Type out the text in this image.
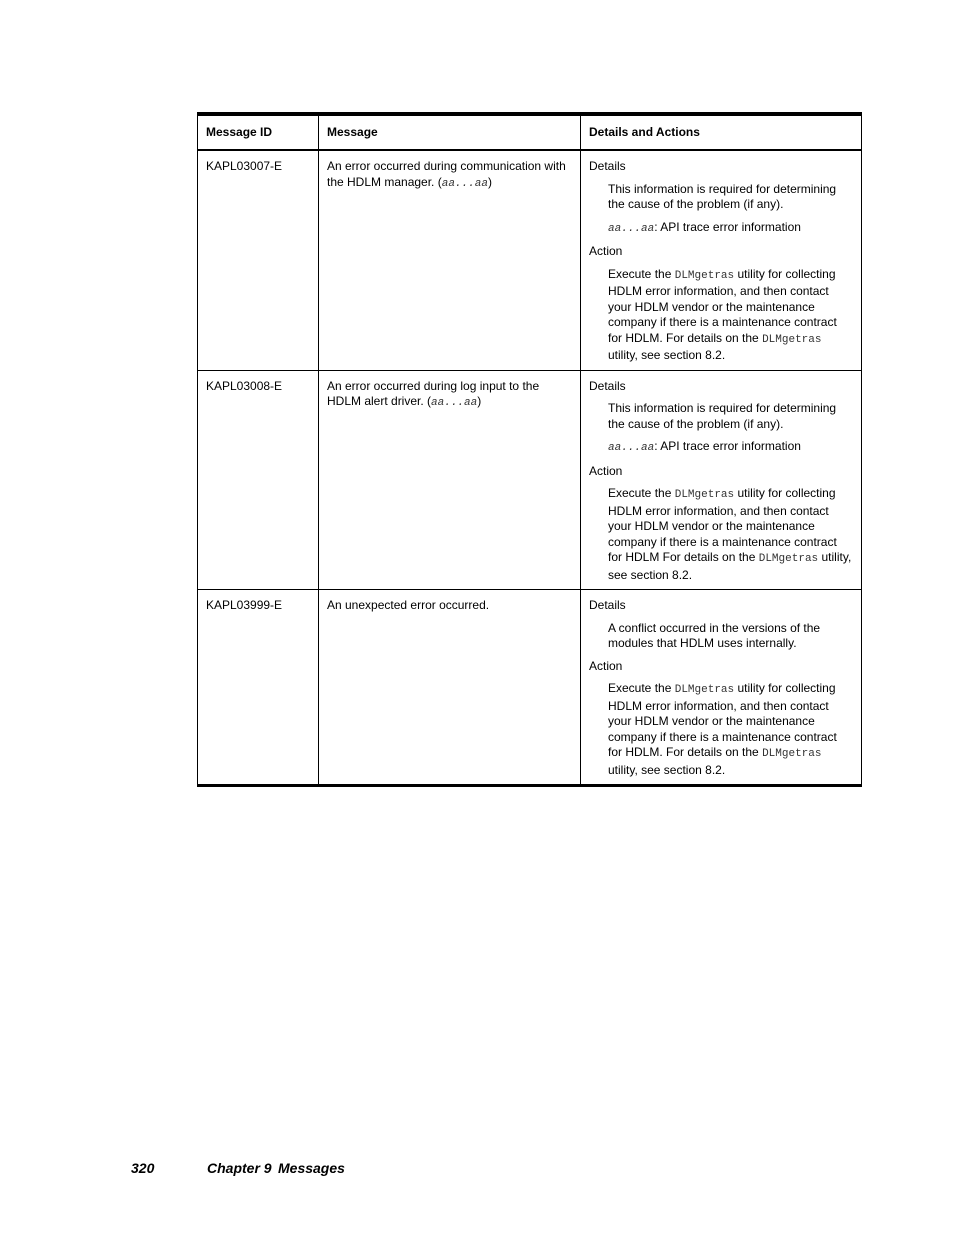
Message ID	Message	Details and Actions
KAPL03007-E	An error occurred during communication with the HDLM manager. (aa...aa)	Details
This information is required for determining the cause of the problem (if any).
aa...aa: API trace error information
Action
Execute the DLMgetras utility for collecting HDLM error information, and then contact your HDLM vendor or the maintenance company if there is a maintenance contract for HDLM. For details on the DLMgetras utility, see section 8.2.

KAPL03008-E	An error occurred during log input to the HDLM alert driver. (aa...aa)	Details
This information is required for determining the cause of the problem (if any).
aa...aa: API trace error information
Action
Execute the DLMgetras utility for collecting HDLM error information, and then contact your HDLM vendor or the maintenance company if there is a maintenance contract for HDLM For details on the DLMgetras utility, see section 8.2.

KAPL03999-E	An unexpected error occurred.	Details
A conflict occurred in the versions of the modules that HDLM uses internally.
Action
Execute the DLMgetras utility for collecting HDLM error information, and then contact your HDLM vendor or the maintenance company if there is a maintenance contract for HDLM. For details on the DLMgetras utility, see section 8.2.
320	Chapter 9 Messages
